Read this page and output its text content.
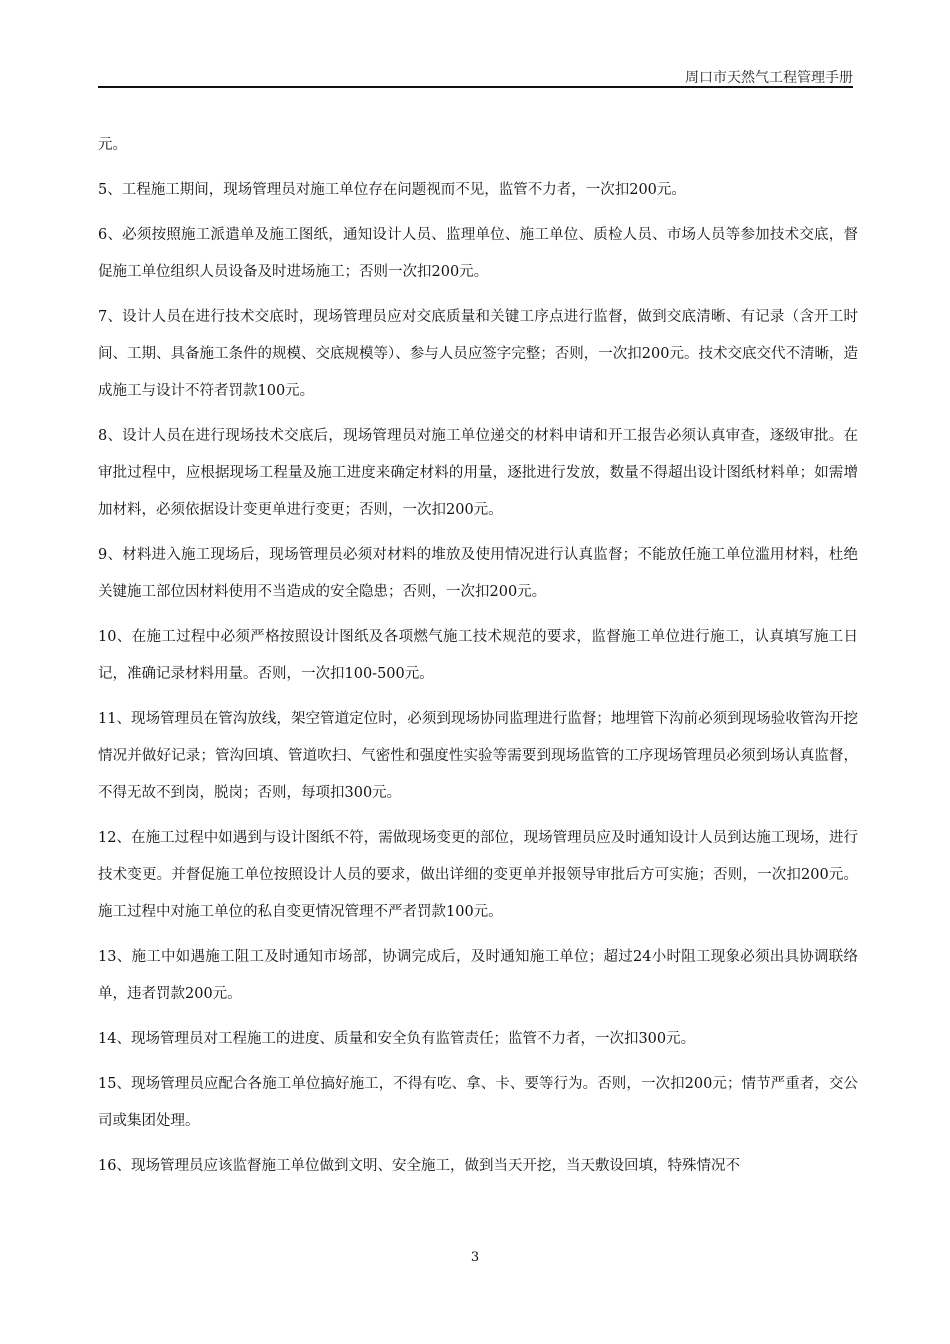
周口市天然气工程管理手册

元。

5、工程施工期间，现场管理员对施工单位存在问题视而不见，监管不力者，一次扣200元。

6、必须按照施工派遣单及施工图纸，通知设计人员、监理单位、施工单位、质检人员、市场人员等参加技术交底，督促施工单位组织人员设备及时进场施工；否则一次扣200元。

7、设计人员在进行技术交底时，现场管理员应对交底质量和关键工序点进行监督，做到交底清晰、有记录（含开工时间、工期、具备施工条件的规模、交底规模等）、参与人员应签字完整；否则，一次扣200元。技术交底交代不清晰，造成施工与设计不符者罚款100元。

8、设计人员在进行现场技术交底后，现场管理员对施工单位递交的材料申请和开工报告必须认真审查，逐级审批。在审批过程中，应根据现场工程量及施工进度来确定材料的用量，逐批进行发放，数量不得超出设计图纸材料单；如需增加材料，必须依据设计变更单进行变更；否则，一次扣200元。

9、材料进入施工现场后，现场管理员必须对材料的堆放及使用情况进行认真监督；不能放任施工单位滥用材料，杜绝关键施工部位因材料使用不当造成的安全隐患；否则，一次扣200元。

10、在施工过程中必须严格按照设计图纸及各项燃气施工技术规范的要求，监督施工单位进行施工，认真填写施工日记，准确记录材料用量。否则，一次扣100-500元。

11、现场管理员在管沟放线，架空管道定位时，必须到现场协同监理进行监督；地埋管下沟前必须到现场验收管沟开挖情况并做好记录；管沟回填、管道吹扫、气密性和强度性实验等需要到现场监管的工序现场管理员必须到场认真监督，不得无故不到岗，脱岗；否则，每项扣300元。

12、在施工过程中如遇到与设计图纸不符，需做现场变更的部位，现场管理员应及时通知设计人员到达施工现场，进行技术变更。并督促施工单位按照设计人员的要求，做出详细的变更单并报领导审批后方可实施；否则，一次扣200元。施工过程中对施工单位的私自变更情况管理不严者罚款100元。

13、施工中如遇施工阻工及时通知市场部，协调完成后，及时通知施工单位；超过24小时阻工现象必须出具协调联络单，违者罚款200元。

14、现场管理员对工程施工的进度、质量和安全负有监管责任；监管不力者，一次扣300元。

15、现场管理员应配合各施工单位搞好施工，不得有吃、拿、卡、要等行为。否则，一次扣200元；情节严重者，交公司或集团处理。

16、现场管理员应该监督施工单位做到文明、安全施工，做到当天开挖，当天敷设回填，特殊情况不

3
